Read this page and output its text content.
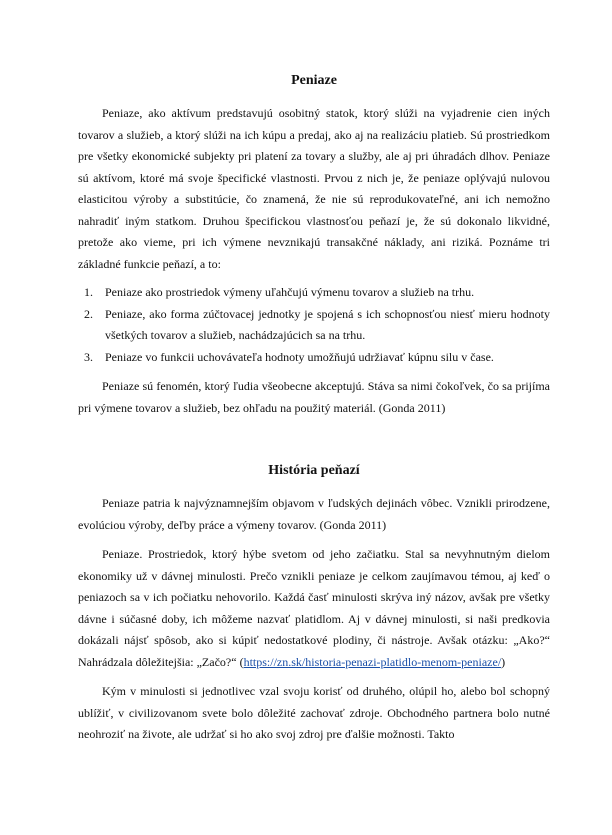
Peniaze

Peniaze, ako aktívum predstavujú osobitný statok, ktorý slúži na vyjadrenie cien iných tovarov a služieb, a ktorý slúži na ich kúpu a predaj, ako aj na realizáciu platieb. Sú prostriedkom pre všetky ekonomické subjekty pri platení za tovary a služby, ale aj pri úhradách dlhov. Peniaze sú aktívom, ktoré má svoje špecifické vlastnosti. Prvou z nich je, že peniaze oplývajú nulovou elasticitou výroby a substitúcie, čo znamená, že nie sú reprodukovateľné, ani ich nemožno nahradiť iným statkom. Druhou špecifickou vlastnosťou peňazí je, že sú dokonalo likvidné, pretože ako vieme, pri ich výmene nevznikajú transakčné náklady, ani riziká. Poznáme tri základné funkcie peňazí, a to:

1. Peniaze ako prostriedok výmeny uľahčujú výmenu tovarov a služieb na trhu.
2. Peniaze, ako forma zúčtovacej jednotky je spojená s ich schopnosťou niesť mieru hodnoty všetkých tovarov a služieb, nachádzajúcich sa na trhu.
3. Peniaze vo funkcii uchovávateľa hodnoty umožňujú udržiavať kúpnu silu v čase.

Peniaze sú fenomén, ktorý ľudia všeobecne akceptujú. Stáva sa nimi čokoľvek, čo sa prijíma pri výmene tovarov a služieb, bez ohľadu na použitý materiál. (Gonda 2011)

História peňazí

Peniaze patria k najvýznamnejším objavom v ľudských dejinách vôbec. Vznikli prirodzene, evolúciou výroby, deľby práce a výmeny tovarov. (Gonda 2011)

Peniaze. Prostriedok, ktorý hýbe svetom od jeho začiatku. Stal sa nevyhnutným dielom ekonomiky už v dávnej minulosti. Prečo vznikli peniaze je celkom zaujímavou témou, aj keď o peniazoch sa v ich počiatku nehovorilo. Každá časť minulosti skrýva iný názov, avšak pre všetky dávne i súčasné doby, ich môžeme nazvať platidlom. Aj v dávnej minulosti, si naši predkovia dokázali nájsť spôsob, ako si kúpiť nedostatkové plodiny, či nástroje. Avšak otázku: „Ako?“ Nahrádzala dôležitejšia: „Začo?“ (https://zn.sk/historia-penazi-platidlo-menom-peniaze/)

Kým v minulosti si jednotlivec vzal svoju korisť od druhého, olúpil ho, alebo bol schopný ublížiť, v civilizovanom svete bolo dôležité zachovať zdroje. Obchodného partnera bolo nutné neohroziť na živote, ale udržať si ho ako svoj zdroj pre ďalšie možnosti. Takto
